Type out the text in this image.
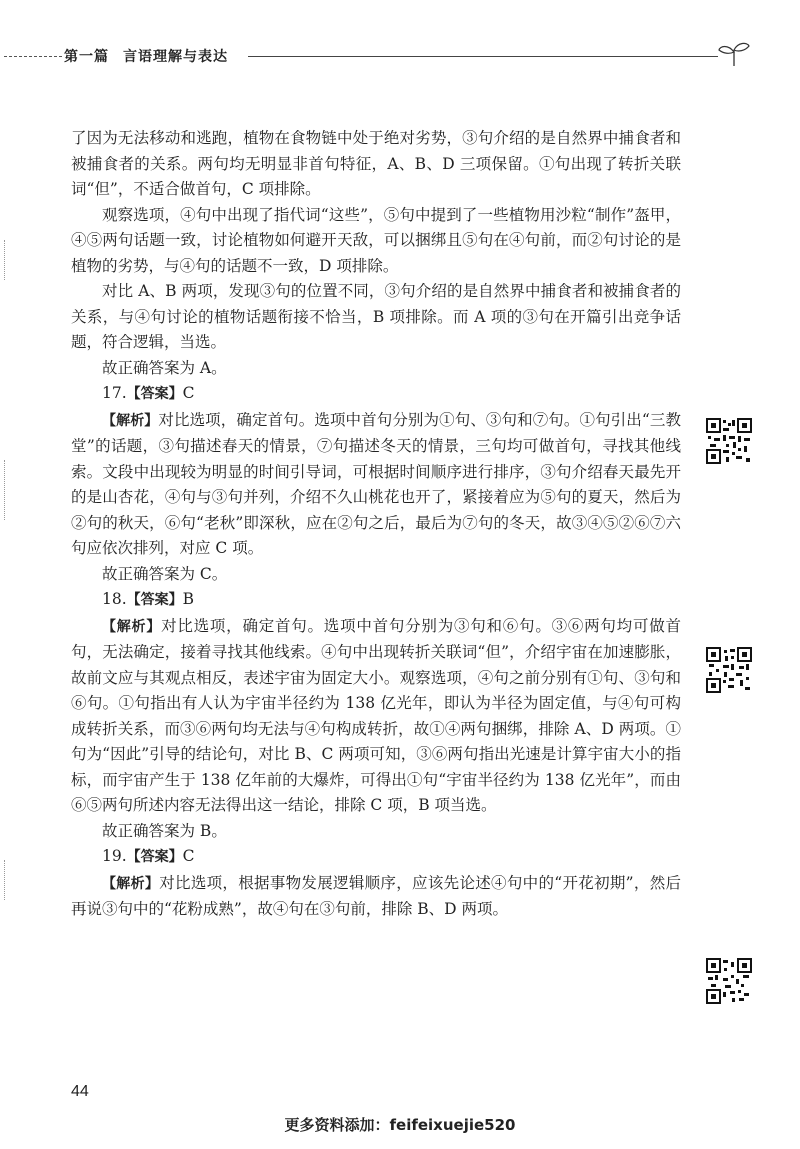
第一篇 言语理解与表达

了因为无法移动和逃跑，植物在食物链中处于绝对劣势，③句介绍的是自然界中捕食者和被捕食者的关系。两句均无明显非首句特征，A、B、D 三项保留。①句出现了转折关联词“但”，不适合做首句，C 项排除。

观察选项，④句中出现了指代词“这些”，⑤句中提到了一些植物用沙粒“制作”盔甲，④⑤两句话题一致，讨论植物如何避开天敌，可以捆绑且⑤句在④句前，而②句讨论的是植物的劣势，与④句的话题不一致，D 项排除。

对比 A、B 两项，发现③句的位置不同，③句介绍的是自然界中捕食者和被捕食者的关系，与④句讨论的植物话题衔接不恰当，B 项排除。而 A 项的③句在开篇引出竞争话题，符合逻辑，当选。

故正确答案为 A。

17.【答案】C

【解析】对比选项，确定首句。选项中首句分别为①句、③句和⑦句。①句引出“三教堂”的话题，③句描述春天的情景，⑦句描述冬天的情景，三句均可做首句，寻找其他线索。文段中出现较为明显的时间引导词，可根据时间顺序进行排序，③句介绍春天最先开的是山杏花，④句与③句并列，介绍不久山桃花也开了，紧接着应为⑤句的夏天，然后为②句的秋天，⑥句“老秋”即深秋，应在②句之后，最后为⑦句的冬天，故③④⑤②⑥⑦六句应依次排列，对应 C 项。

故正确答案为 C。

18.【答案】B

【解析】对比选项，确定首句。选项中首句分别为③句和⑥句。③⑥两句均可做首句，无法确定，接着寻找其他线索。④句中出现转折关联词“但”，介绍宇宙在加速膨胀，故前文应与其观点相反，表述宇宙为固定大小。观察选项，④句之前分别有①句、③句和⑥句。①句指出有人认为宇宙半径约为 138 亿光年，即认为半径为固定值，与④句可构成转折关系，而③⑥两句均无法与④句构成转折，故①④两句捆绑，排除 A、D 两项。①句为“因此”引导的结论句，对比 B、C 两项可知，③⑥两句指出光速是计算宇宙大小的指标，而宇宙产生于 138 亿年前的大爆炸，可得出①句“宇宙半径约为 138 亿光年”，而由⑥⑤两句所述内容无法得出这一结论，排除 C 项，B 项当选。

故正确答案为 B。

19.【答案】C

【解析】对比选项，根据事物发展逻辑顺序，应该先论述④句中的“开花初期”，然后再说③句中的“花粉成熟”，故④句在③句前，排除 B、D 两项。

44
更多资料添加：feifeixuejie520
